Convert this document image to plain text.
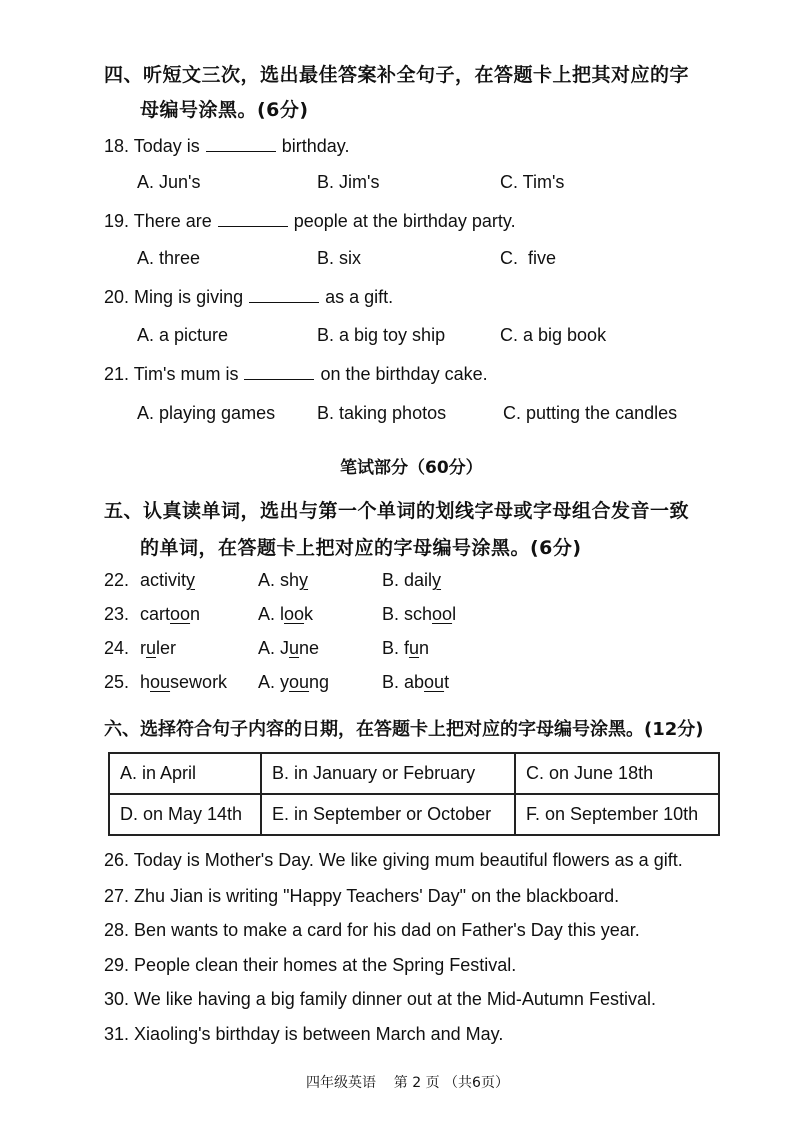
四、听短文三次，选出最佳答案补全句子，在答题卡上把其对应的字
母编号涂黑。(6分)
18. Today is	birthday.
A. Jun's	B. Jim's	C. Tim's
19. There are	people at the birthday party.
A. three	B. six	C.  five
20. Ming is giving	as a gift.
A. a picture	B. a big toy ship	C. a big book
21. Tim's mum is	on the birthday cake.
A. playing games B. taking photos	C. putting the candles
笔试部分（60分）
五、认真读单词，选出与第一个单词的划线字母或字母组合发音一致
的单词，在答题卡上把对应的字母编号涂黑。(6分)
22. activity	A. shy	B. daily
23. cartoon	A. look	B. school
24. ruler	A. June	B. fun
25. housework A. young	B. about
六、选择符合句子内容的日期，在答题卡上把对应的字母编号涂黑。(12分)
A. in April	B. in January or February	C. on June 18th
D. on May 14th	E. in September or October	F. on September 10th
26. Today is Mother's Day. We like giving mum beautiful flowers as a gift.
27. Zhu Jian is writing "Happy Teachers' Day" on the blackboard.
28. Ben wants to make a card for his dad on Father's Day this year.
29. People clean their homes at the Spring Festival.
30. We like having a big family dinner out at the Mid-Autumn Festival.
31. Xiaoling's birthday is between March and May.
四年级英语    第 2 页 （共6页）
